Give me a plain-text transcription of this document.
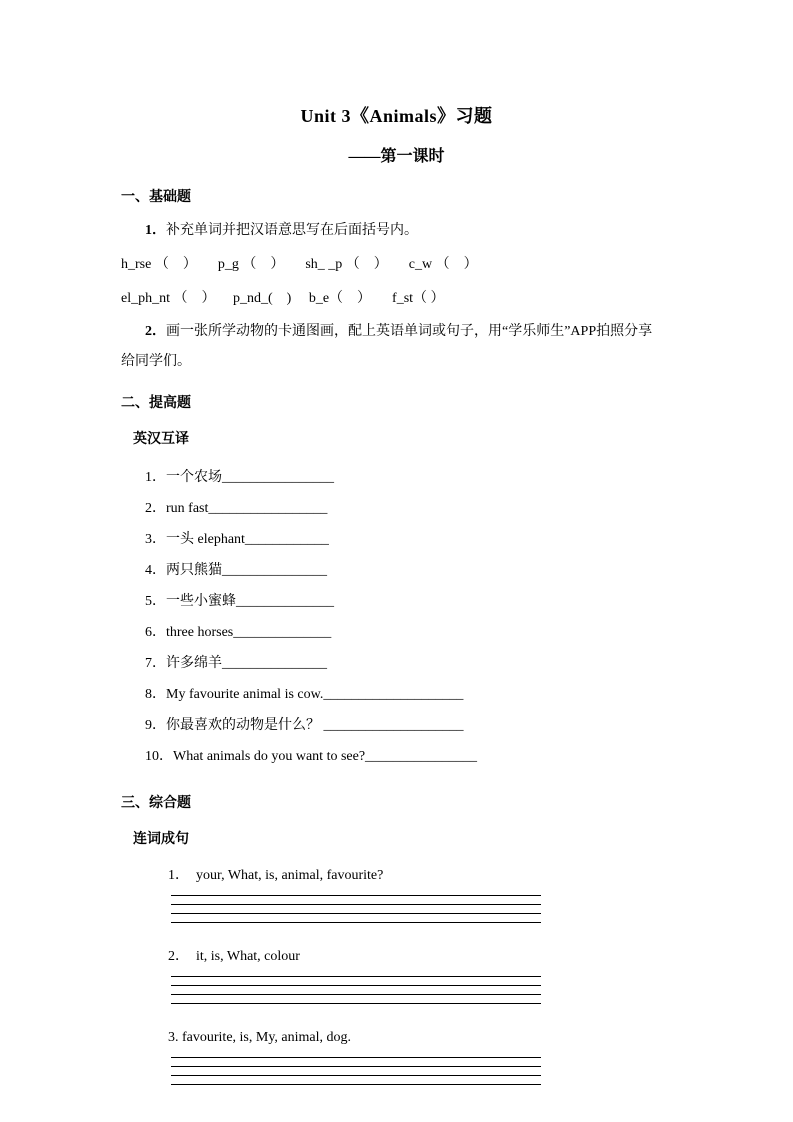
Unit 3《Animals》习题
——第一课时
一、基础题
1．补充单词并把汉语意思写在后面括号内。
h_rse （　）      p_g （　）      sh_ _p （　）      c_w （　）
el_ph_nt （　）     p_nd_(　)     b_e（　）      f_st（ ）
2．画一张所学动物的卡通图画，配上英语单词或句子，用“学乐师生”APP拍照分享
给同学们。
二、提高题
英汉互译
1．一个农场________________
2．run fast_________________
3．一头 elephant____________
4．两只熊猫_______________
5．一些小蜜蜂______________
6．three horses______________
7．许多绵羊_______________
8．My favourite animal is cow.____________________
9．你最喜欢的动物是什么？ ____________________
10．What animals do you want to see?________________
三、综合题
连词成句
1．  your, What, is, animal, favourite?
2．  it, is, What, colour
3. favourite, is, My, animal, dog.
